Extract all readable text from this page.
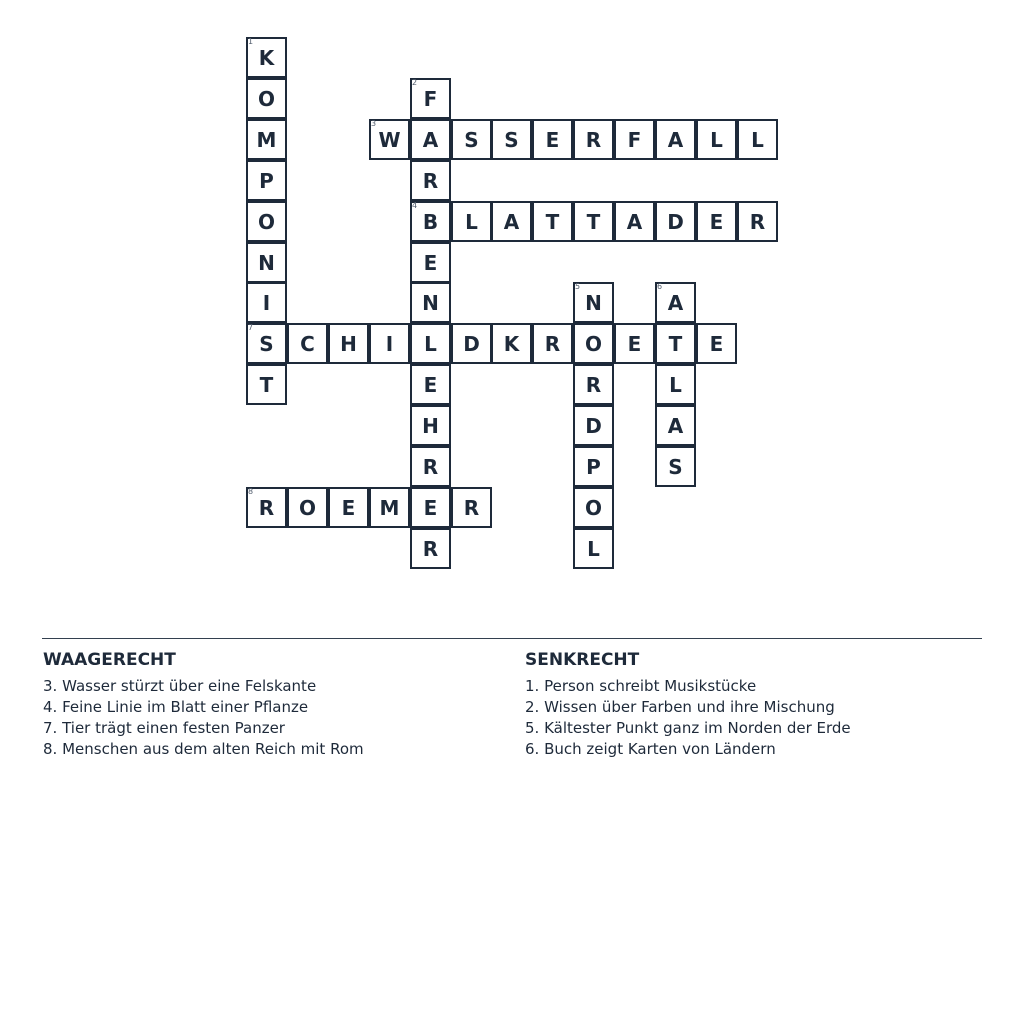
K
O
M
P
O
N
I
S
T
F
A
R
B
E
N
L
E
H
R
E
R
W	S	S	E	R	F	A	L	L
L	A	T	T	A	D	E	R
N
O
R
D
P
O
L
A
T
L
A
S
C	H	I	D	K	R	E	E
R	O	E	M	R
1
2
3
4
5	6
7
8
WAAGERECHT
3. Wasser stürzt über eine Felskante
4. Feine Linie im Blatt einer Pflanze
7. Tier trägt einen festen Panzer
8. Menschen aus dem alten Reich mit Rom
SENKRECHT
1. Person schreibt Musikstücke
2. Wissen über Farben und ihre Mischung
5. Kältester Punkt ganz im Norden der Erde
6. Buch zeigt Karten von Ländern
